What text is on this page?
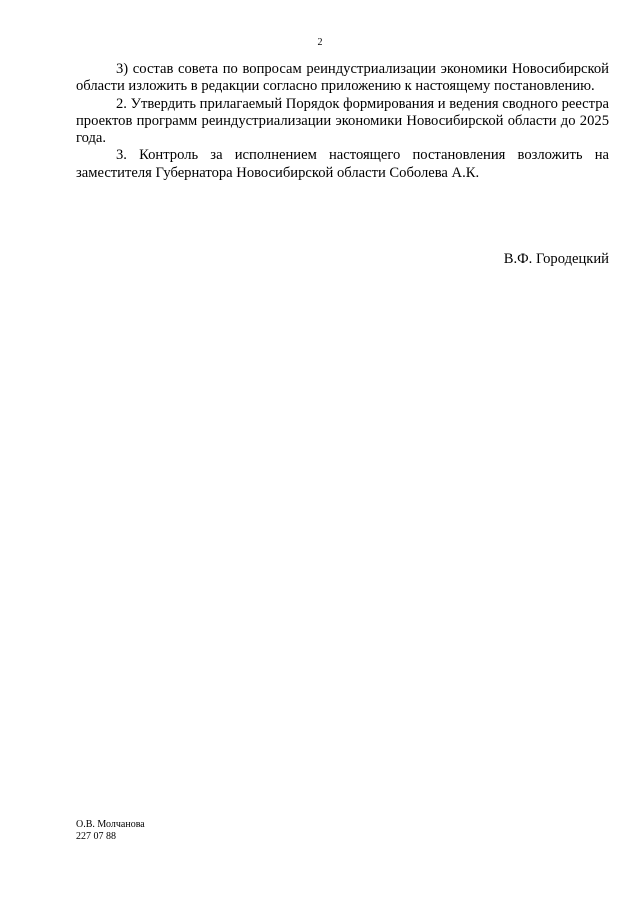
2

3) состав совета по вопросам реиндустриализации экономики Новосибирской области изложить в редакции согласно приложению к настоящему постановлению.

2. Утвердить прилагаемый Порядок формирования и ведения сводного реестра проектов программ реиндустриализации экономики Новосибирской области до 2025 года.

3. Контроль за исполнением настоящего постановления возложить на заместителя Губернатора Новосибирской области Соболева А.К.

В.Ф. Городецкий
О.В. Молчанова
227 07 88
